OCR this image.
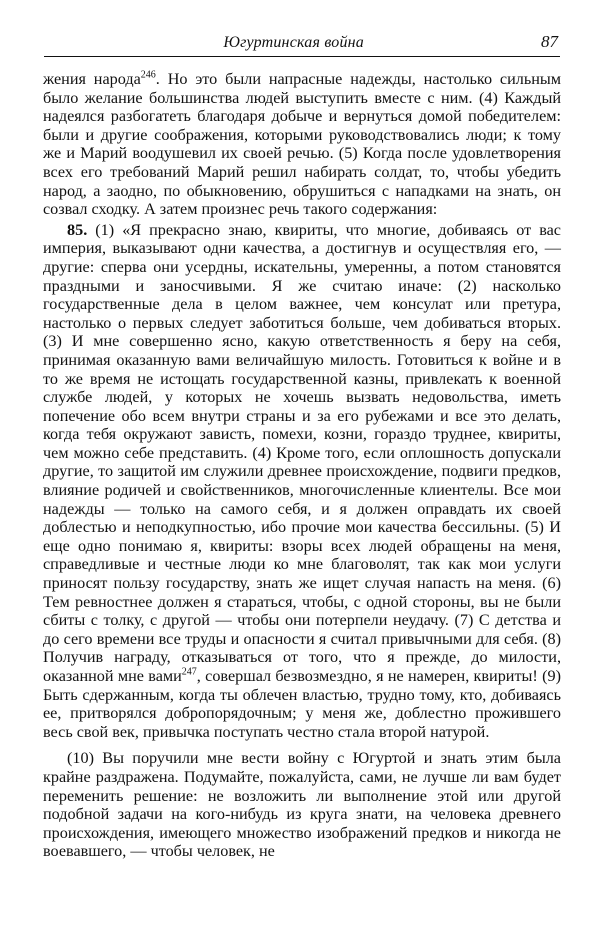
Югуртинская война	87

жения народа$^{246}$. Но это были напрасные надежды, настолько сильным было желание большинства людей выступить вместе с ним. (4) Каждый надеялся разбогатеть благодаря добыче и вернуться домой победителем: были и другие соображения, которыми руководствовались люди; к тому же и Марий воодушевил их своей речью. (5) Когда после удовлетворения всех его требований Марий решил набирать солдат, то, чтобы убедить народ, а заодно, по обыкновению, обрушиться с нападками на знать, он созвал сходку. А затем произнес речь такого содержания:

85. (1) «Я прекрасно знаю, квириты, что многие, добиваясь от вас империя, выказывают одни качества, а достигнув и осуществляя его, — другие: сперва они усердны, искательны, умеренны, а потом становятся праздными и заносчивыми. Я же считаю иначе: (2) насколько государственные дела в целом важнее, чем консулат или претура, настолько о первых следует заботиться больше, чем добиваться вторых. (3) И мне совершенно ясно, какую ответственность я беру на себя, принимая оказанную вами величайшую милость. Готовиться к войне и в то же время не истощать государственной казны, привлекать к военной службе людей, у которых не хочешь вызвать недовольства, иметь попечение обо всем внутри страны и за его рубежами и все это делать, когда тебя окружают зависть, помехи, козни, гораздо труднее, квириты, чем можно себе представить. (4) Кроме того, если оплошность допускали другие, то защитой им служили древнее происхождение, подвиги предков, влияние родичей и свойственников, многочисленные клиентелы. Все мои надежды — только на самого себя, и я должен оправдать их своей доблестью и неподкупностью, ибо прочие мои качества бессильны. (5) И еще одно понимаю я, квириты: взоры всех людей обращены на меня, справедливые и честные люди ко мне благоволят, так как мои услуги приносят пользу государству, знать же ищет случая напасть на меня. (6) Тем ревностнее должен я стараться, чтобы, с одной стороны, вы не были сбиты с толку, с другой — чтобы они потерпели неудачу. (7) С детства и до сего времени все труды и опасности я считал привычными для себя. (8) Получив награду, отказываться от того, что я прежде, до милости, оказанной мне вами$^{247}$, совершал безвозмездно, я не намерен, квириты! (9) Быть сдержанным, когда ты облечен властью, трудно тому, кто, добиваясь ее, притворялся добропорядочным; у меня же, доблестно прожившего весь свой век, привычка поступать честно стала второй натурой.

(10) Вы поручили мне вести войну с Югуртой и знать этим была крайне раздражена. Подумайте, пожалуйста, сами, не лучше ли вам будет переменить решение: не возложить ли выполнение этой или другой подобной задачи на кого-нибудь из круга знати, на человека древнего происхождения, имеющего множество изображений предков и никогда не воевавшего, — чтобы человек, не
